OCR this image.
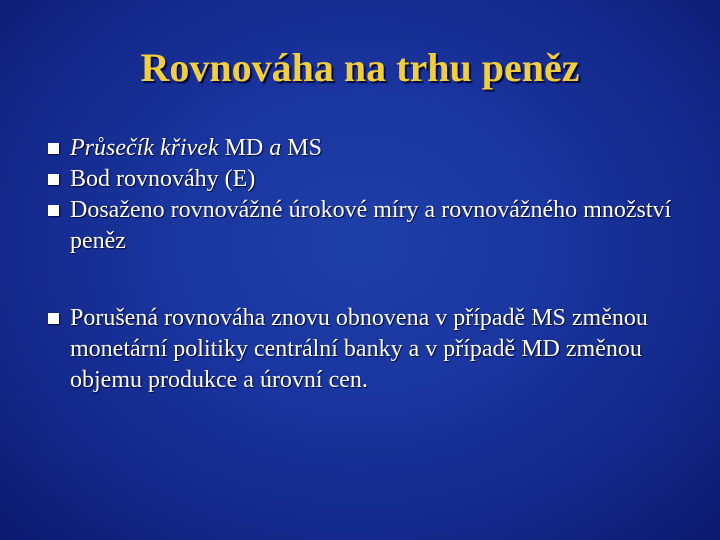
Rovnováha na trhu peněz
Průsečík křivek MD a MS
Bod rovnováhy (E)
Dosaženo rovnovážné úrokové míry a rovnovážného množství peněz
Porušená rovnováha znovu obnovena v případě MS změnou monetární politiky centrální banky a v případě MD změnou objemu produkce a úrovní cen.
